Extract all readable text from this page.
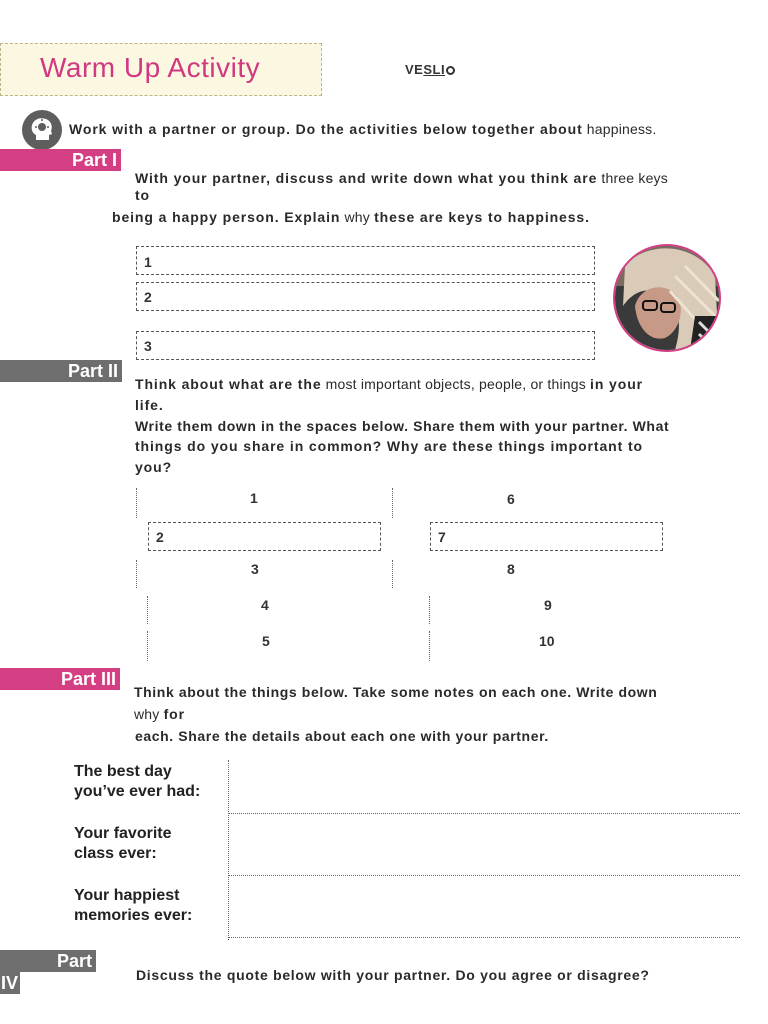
Warm Up Activity	VESLI
Work with a partner or group. Do the activities below together about happiness.
Part I
With your partner, discuss and write down what you think are three keys
to
being a happy person. Explain why these are keys to happiness.
1
2
3
Part II
Think about what are the most important objects, people, or things in your
life.
Write them down in the spaces below. Share them with your partner. What
things do you share in common? Why are these things important to
you?
1	6
2	7
3	8
4	9
5	10
Part III
Think about the things below. Take some notes on each one. Write down
why for
each. Share the details about each one with your partner.
The best day
you’ve ever had:
Your favorite
class ever:
Your happiest
memories ever:
Part
IV	Discuss the quote below with your partner. Do you agree or disagree?
